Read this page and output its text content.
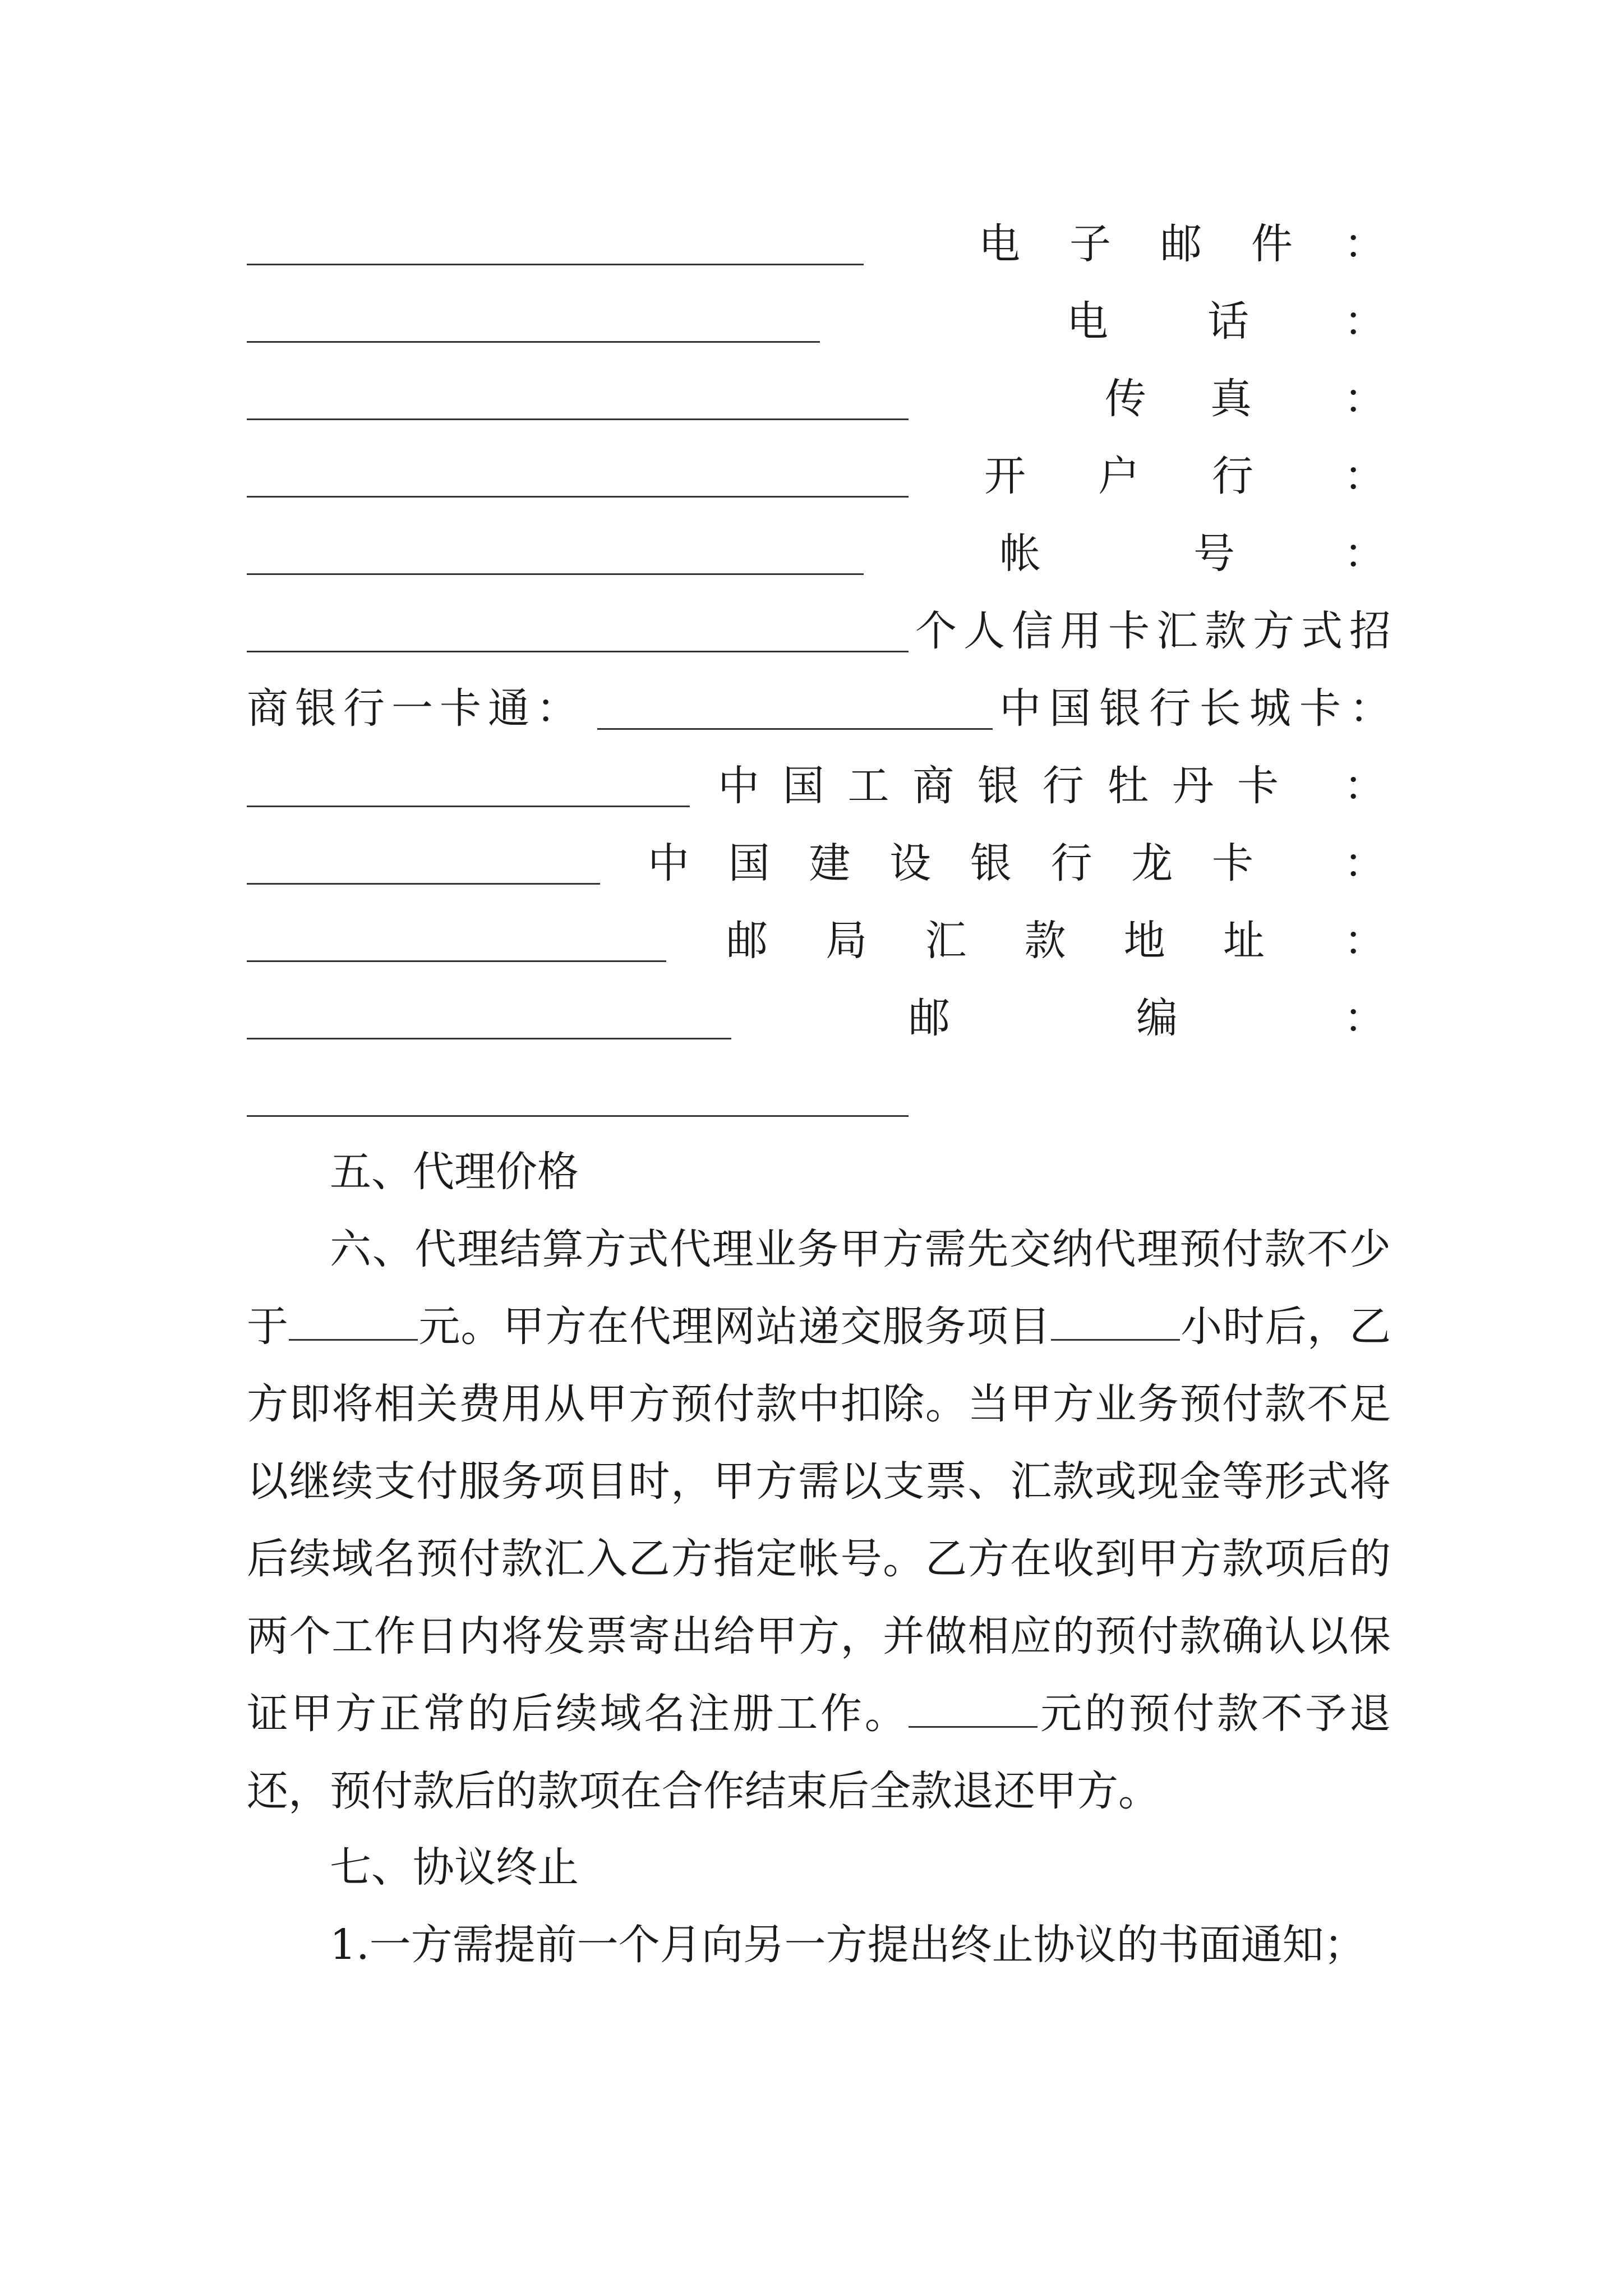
电子邮件 ：
电话 ：
传真 ：
开户行 ：
帐号	：
个人信用卡汇款方式招
商银行一卡通：	中国银行长城卡：
中国工商银行牡丹卡 ：
中国建设银行龙卡 ：
邮局汇款地址 ：
邮编	：
五、代理价格
六、代理结算方式代理业务甲方需先交纳代理预付款不少于	元。甲方在代理网站递交服务项目	小时后，乙方即将相关费用从甲方预付款中扣除。当甲方业务预付款不足以继续支付服务项目时，甲方需以支票、汇款或现金等形式将后续域名预付款汇入乙方指定帐号。乙方在收到甲方款项后的两个工作日内将发票寄出给甲方，并做相应的预付款确认以保证甲方正常的后续域名注册工作。	元的预付款不予退还，预付款后的款项在合作结束后全款退还甲方。
七、协议终止
1.一方需提前一个月向另一方提出终止协议的书面通知；
